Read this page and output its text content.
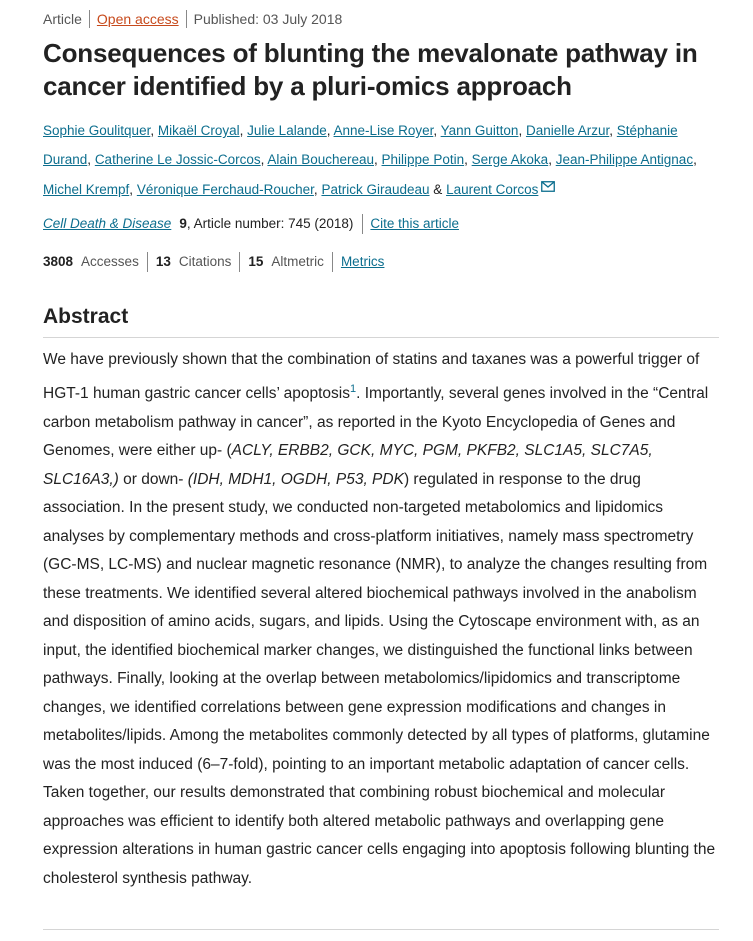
Article Open access Published: 03 July 2018
Consequences of blunting the mevalonate pathway in cancer identified by a pluri-omics approach
Sophie Goulitquer, Mikaël Croyal, Julie Lalande, Anne-Lise Royer, Yann Guitton, Danielle Arzur, Stéphanie Durand, Catherine Le Jossic-Corcos, Alain Bouchereau, Philippe Potin, Serge Akoka, Jean-Philippe Antignac, Michel Krempf, Véronique Ferchaud-Roucher, Patrick Giraudeau & Laurent Corcos
Cell Death & Disease 9 , Article number: 745 (2018) Cite this article
3808 Accesses 13 Citations 15 Altmetric Metrics
Abstract

We have previously shown that the combination of statins and taxanes was a powerful trigger of HGT-1 human gastric cancer cells’ apoptosis$^1$. Importantly, several genes involved in the “Central carbon metabolism pathway in cancer”, as reported in the Kyoto Encyclopedia of Genes and Genomes, were either up- (ACLY, ERBB2, GCK, MYC, PGM, PKFB2, SLC1A5, SLC7A5, SLC16A3,) or down- (IDH, MDH1, OGDH, P53, PDK) regulated in response to the drug association. In the present study, we conducted non-targeted metabolomics and lipidomics analyses by complementary methods and cross-platform initiatives, namely mass spectrometry (GC-MS, LC-MS) and nuclear magnetic resonance (NMR), to analyze the changes resulting from these treatments. We identified several altered biochemical pathways involved in the anabolism and disposition of amino acids, sugars, and lipids. Using the Cytoscape environment with, as an input, the identified biochemical marker changes, we distinguished the functional links between pathways. Finally, looking at the overlap between metabolomics/lipidomics and transcriptome changes, we identified correlations between gene expression modifications and changes in metabolites/lipids. Among the metabolites commonly detected by all types of platforms, glutamine was the most induced (6–7-fold), pointing to an important metabolic adaptation of cancer cells. Taken together, our results demonstrated that combining robust biochemical and molecular approaches was efficient to identify both altered metabolic pathways and overlapping gene expression alterations in human gastric cancer cells engaging into apoptosis following blunting the cholesterol synthesis pathway.
